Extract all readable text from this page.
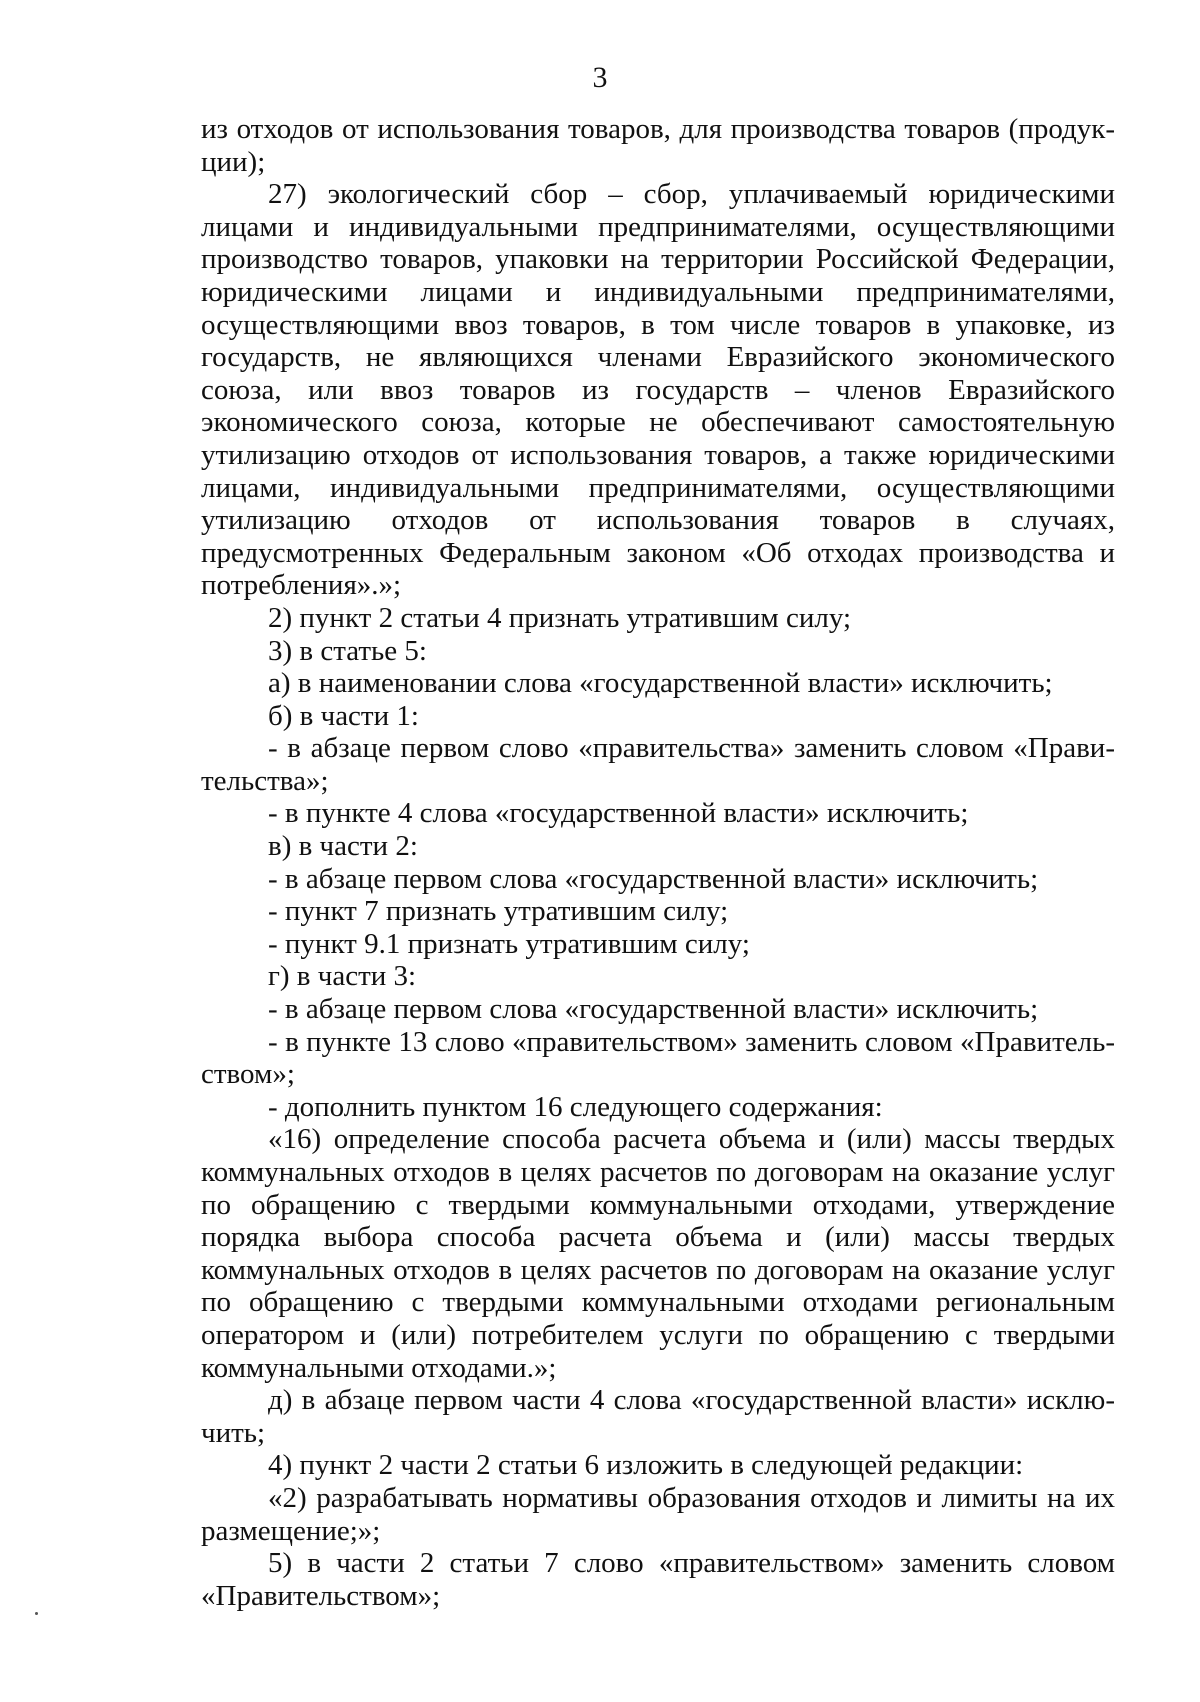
3

из отходов от использования товаров, для производства товаров (продукции);

27) экологический сбор – сбор, уплачиваемый юридическими лицами и индивидуальными предпринимателями, осуществляющими производство товаров, упаковки на территории Российской Федерации, юридическими лицами и индивидуальными предпринимателями, осуществляющими ввоз товаров, в том числе товаров в упаковке, из государств, не являющихся членами Евразийского экономического союза, или ввоз товаров из государств – членов Евразийского экономического союза, которые не обеспечивают самостоятельную утилизацию отходов от использования товаров, а также юридическими лицами, индивидуальными предпринимателями, осуществляющими утилизацию отходов от использования товаров в случаях, предусмотренных Федеральным законом «Об отходах производства и потребления».»;

2) пункт 2 статьи 4 признать утратившим силу;

3) в статье 5:

а) в наименовании слова «государственной власти» исключить;

б) в части 1:

- в абзаце первом слово «правительства» заменить словом «Правительства»;

- в пункте 4 слова «государственной власти» исключить;

в) в части 2:

- в абзаце первом слова «государственной власти» исключить;

- пункт 7 признать утратившим силу;

- пункт 9.1 признать утратившим силу;

г) в части 3:

- в абзаце первом слова «государственной власти» исключить;

- в пункте 13 слово «правительством» заменить словом «Правительством»;

- дополнить пунктом 16 следующего содержания:

«16) определение способа расчета объема и (или) массы твердых коммунальных отходов в целях расчетов по договорам на оказание услуг по обращению с твердыми коммунальными отходами, утверждение порядка выбора способа расчета объема и (или) массы твердых коммунальных отходов в целях расчетов по договорам на оказание услуг по обращению с твердыми коммунальными отходами региональным оператором и (или) потребителем услуги по обращению с твердыми коммунальными отходами.»;

д) в абзаце первом части 4 слова «государственной власти» исключить;

4) пункт 2 части 2 статьи 6 изложить в следующей редакции:

«2) разрабатывать нормативы образования отходов и лимиты на их размещение;»;

5) в части 2 статьи 7 слово «правительством» заменить словом «Правительством»;
